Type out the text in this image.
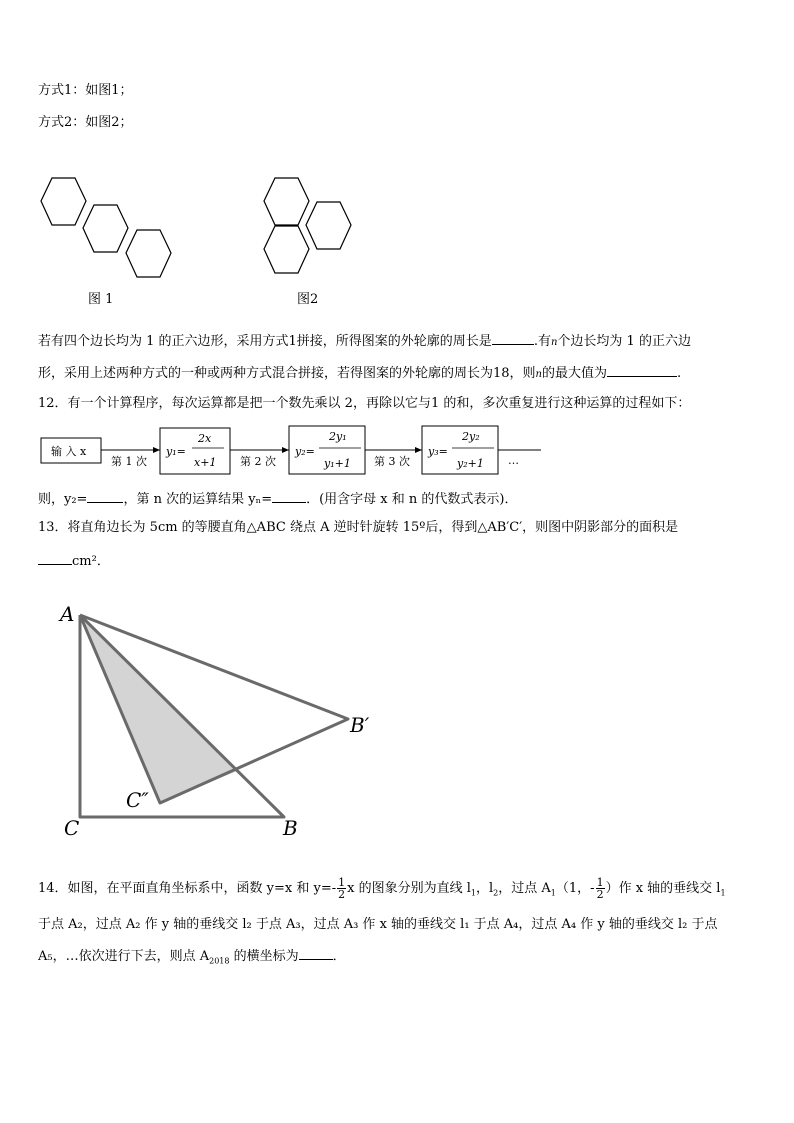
方式1：如图1；
方式2：如图2；
图 1	图2
若有四个边长均为 1 的正六边形，采用方式1拼接，所得图案的外轮廓的周长是	.有n个边长均为 1 的正六边
形，采用上述两种方式的一种或两种方式混合拼接，若得图案的外轮廓的周长为18，则n的最大值为	.
12．有一个计算程序，每次运算都是把一个数先乘以 2，再除以它与1 的和，多次重复进行这种运算的过程如下：
输 入 x
第 1 次	第 2 次	第 3 次
y₁=
2x
x+1
y₂=
2y₁
y₁+1
y₃=
2y₂
y₂+1 …
则，y₂=	，第 n 次的运算结果 yₙ=	．(用含字母 x 和 n 的代数式表示)．
13．将直角边长为 5cm 的等腰直角△ABC 绕点 A 逆时针旋转 15º后，得到△AB′C′，则图中阴影部分的面积是
cm²．
A
C	B
B′
C″
14．如图，在平面直角坐标系中，函数 y=x 和 $y=- \frac{1}{2}$ x 的图象分别为直线 $l_1$，$l_2$，过点 $A_1(1$，- $\frac{1}{2}$ ）作 x 轴的垂线交 $l_1$
于点 A₂，过点 A₂ 作 y 轴的垂线交 l₂ 于点 A₃，过点 A₃ 作 x 轴的垂线交 l₁ 于点 A₄，过点 A₄ 作 y 轴的垂线交 l₂ 于点
A₅，…依次进行下去，则点 $A_{2018}$ 的横坐标为	．
